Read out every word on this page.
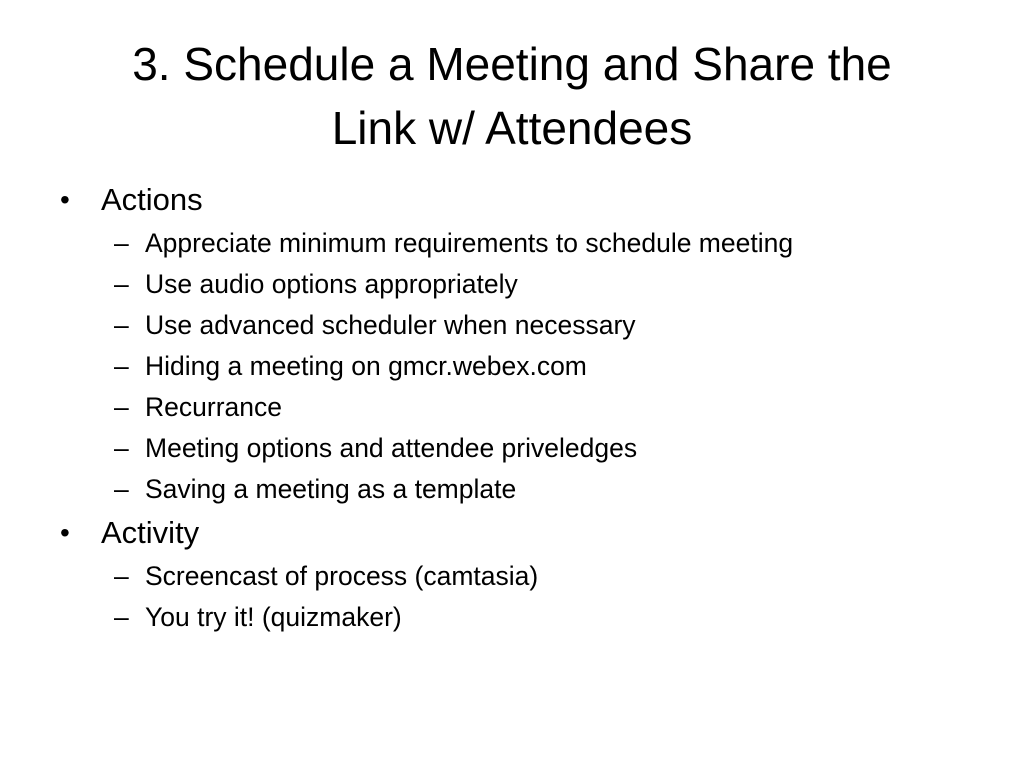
3. Schedule a Meeting and Share the
Link w/ Attendees
• Actions
– Appreciate minimum requirements to schedule meeting
– Use audio options appropriately
– Use advanced scheduler when necessary
– Hiding a meeting on gmcr.webex.com
– Recurrance
– Meeting options and attendee priveledges
– Saving a meeting as a template
• Activity
– Screencast of process (camtasia)
– You try it! (quizmaker)
